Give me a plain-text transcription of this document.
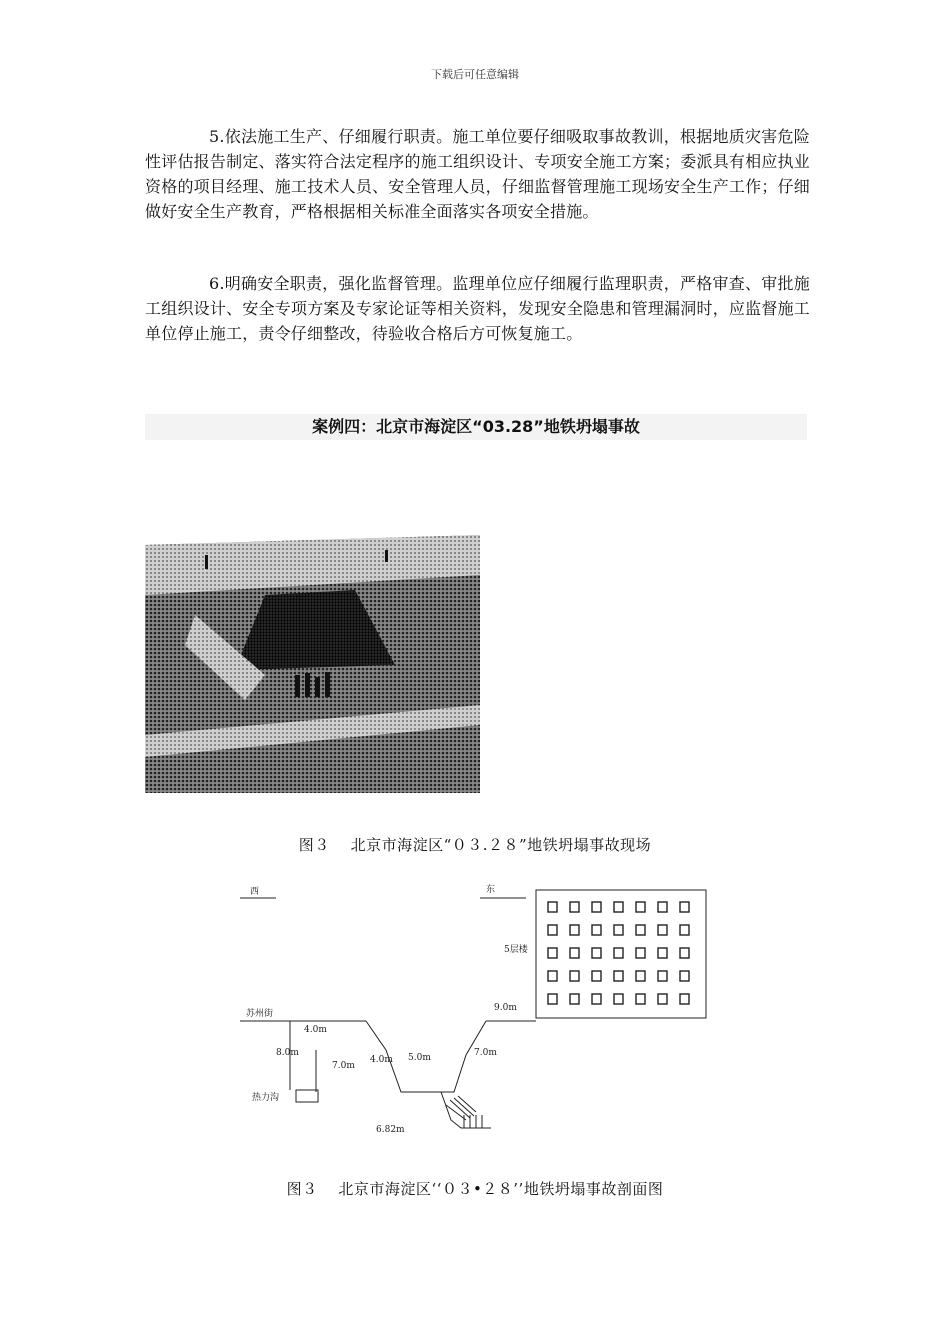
下载后可任意编辑

5.依法施工生产、仔细履行职责。施工单位要仔细吸取事故教训，根据地质灾害危险性评估报告制定、落实符合法定程序的施工组织设计、专项安全施工方案；委派具有相应执业资格的项目经理、施工技术人员、安全管理人员，仔细监督管理施工现场安全生产工作；仔细做好安全生产教育，严格根据相关标准全面落实各项安全措施。

6.明确安全职责，强化监督管理。监理单位应仔细履行监理职责，严格审查、审批施工组织设计、安全专项方案及专家论证等相关资料，发现安全隐患和管理漏洞时，应监督施工单位停止施工，责令仔细整改，待验收合格后方可恢复施工。

案例四：北京市海淀区“03.28”地铁坍塌事故
图３　 北京市海淀区“０３.２８”地铁坍塌事故现场
西	东
5层楼
苏州街
热力沟
4.0m
8.0m
7.0m
4.0m 5.0m	7.0m
9.0m
6.82m
图３　 北京市海淀区‘‘０３•２８’’地铁坍塌事故剖面图
